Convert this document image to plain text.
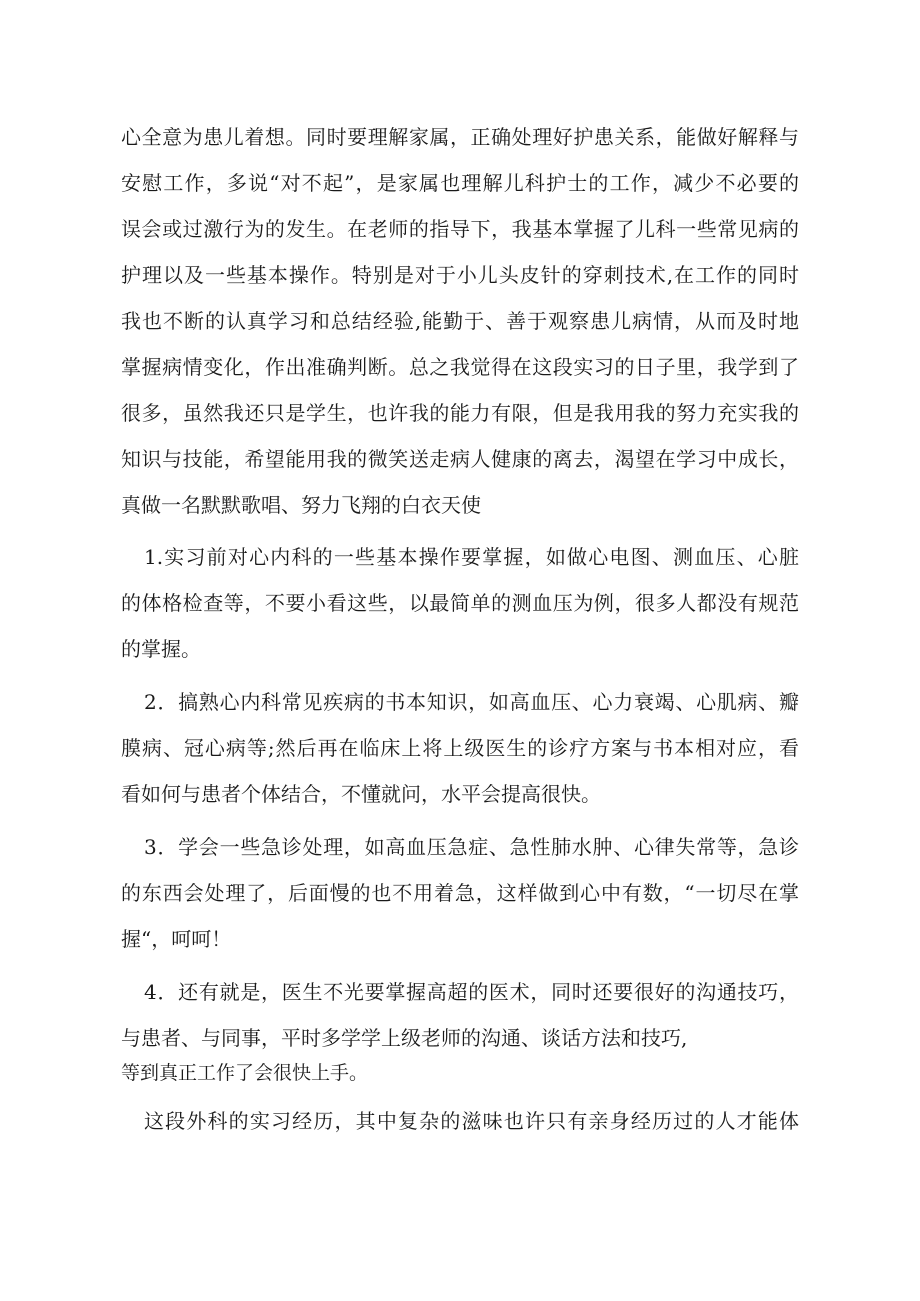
心全意为患儿着想。同时要理解家属，正确处理好护患关系，能做好解释与
安慰工作，多说“对不起”，是家属也理解儿科护士的工作，减少不必要的
误会或过激行为的发生。在老师的指导下，我基本掌握了儿科一些常见病的
护理以及一些基本操作。特别是对于小儿头皮针的穿刺技术,在工作的同时
我也不断的认真学习和总结经验,能勤于、善于观察患儿病情，从而及时地
掌握病情变化，作出准确判断。总之我觉得在这段实习的日子里，我学到了
很多，虽然我还只是学生，也许我的能力有限，但是我用我的努力充实我的
知识与技能，希望能用我的微笑送走病人健康的离去，渴望在学习中成长，
真做一名默默歌唱、努力飞翔的白衣天使
1.实习前对心内科的一些基本操作要掌握，如做心电图、测血压、心脏
的体格检查等，不要小看这些，以最简单的测血压为例，很多人都没有规范
的掌握。
2．搞熟心内科常见疾病的书本知识，如高血压、心力衰竭、心肌病、瓣
膜病、冠心病等;然后再在临床上将上级医生的诊疗方案与书本相对应，看
看如何与患者个体结合，不懂就问，水平会提高很快。
3．学会一些急诊处理，如高血压急症、急性肺水肿、心律失常等，急诊
的东西会处理了，后面慢的也不用着急，这样做到心中有数，“一切尽在掌
握“，呵呵！
4．还有就是，医生不光要掌握高超的医术，同时还要很好的沟通技巧，
与患者、与同事，平时多学学上级老师的沟通、谈话方法和技巧,
等到真正工作了会很快上手。
这段外科的实习经历，其中复杂的滋味也许只有亲身经历过的人才能体
